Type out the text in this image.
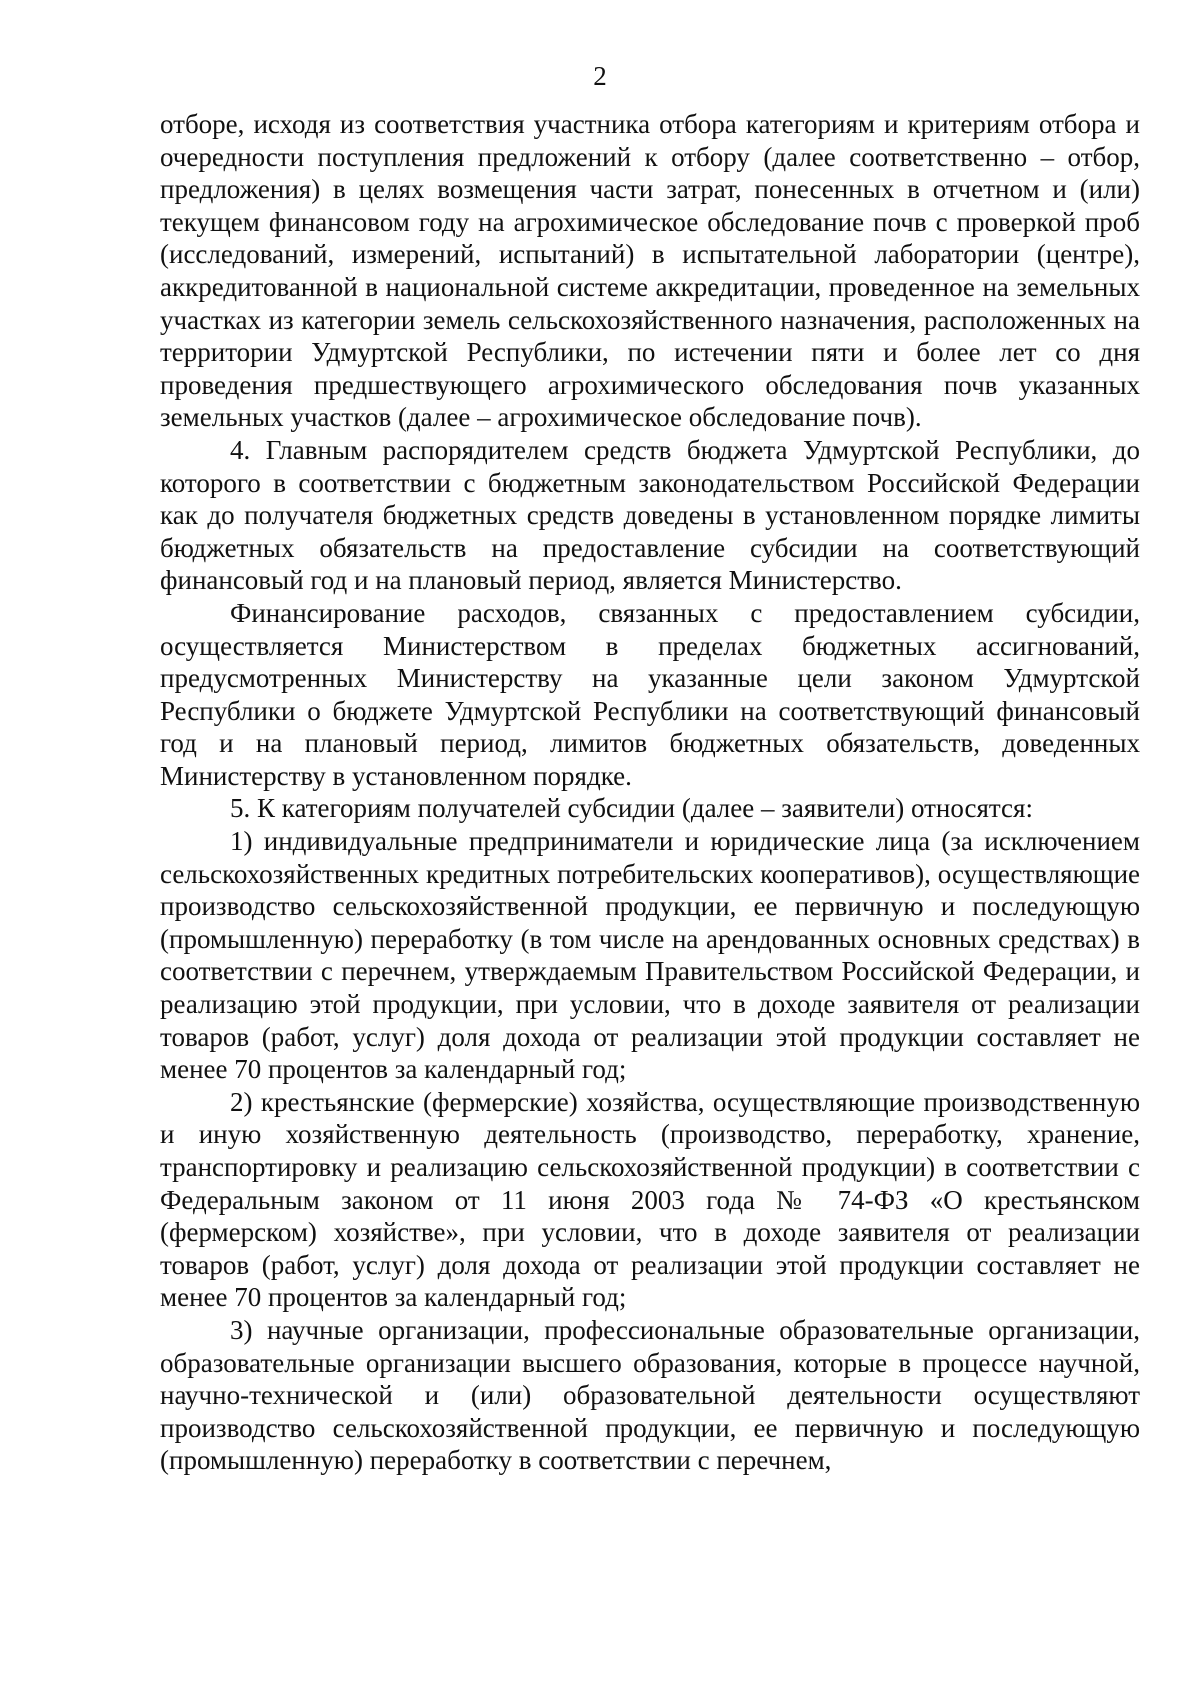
2

отборе, исходя из соответствия участника отбора категориям и критериям отбора и очередности поступления предложений к отбору (далее соответственно – отбор, предложения) в целях возмещения части затрат, понесенных в отчетном и (или) текущем финансовом году на агрохимическое обследование почв с проверкой проб (исследований, измерений, испытаний) в испытательной лаборатории (центре), аккредитованной в национальной системе аккредитации, проведенное на земельных участках из категории земель сельскохозяйственного назначения, расположенных на территории Удмуртской Республики, по истечении пяти и более лет со дня проведения предшествующего агрохимического обследования почв указанных земельных участков (далее – агрохимическое обследование почв).

4. Главным распорядителем средств бюджета Удмуртской Республики, до которого в соответствии с бюджетным законодательством Российской Федерации как до получателя бюджетных средств доведены в установленном порядке лимиты бюджетных обязательств на предоставление субсидии на соответствующий финансовый год и на плановый период, является Министерство.

Финансирование расходов, связанных с предоставлением субсидии, осуществляется Министерством в пределах бюджетных ассигнований, предусмотренных Министерству на указанные цели законом Удмуртской Республики о бюджете Удмуртской Республики на соответствующий финансовый год и на плановый период, лимитов бюджетных обязательств, доведенных Министерству в установленном порядке.

5. К категориям получателей субсидии (далее – заявители) относятся:

1) индивидуальные предприниматели и юридические лица (за исключением сельскохозяйственных кредитных потребительских кооперативов), осуществляющие производство сельскохозяйственной продукции, ее первичную и последующую (промышленную) переработку (в том числе на арендованных основных средствах) в соответствии с перечнем, утверждаемым Правительством Российской Федерации, и реализацию этой продукции, при условии, что в доходе заявителя от реализации товаров (работ, услуг) доля дохода от реализации этой продукции составляет не менее 70 процентов за календарный год;

2) крестьянские (фермерские) хозяйства, осуществляющие производственную и иную хозяйственную деятельность (производство, переработку, хранение, транспортировку и реализацию сельскохозяйственной продукции) в соответствии с Федеральным законом от 11 июня 2003 года № 74-ФЗ «О крестьянском (фермерском) хозяйстве», при условии, что в доходе заявителя от реализации товаров (работ, услуг) доля дохода от реализации этой продукции составляет не менее 70 процентов за календарный год;

3) научные организации, профессиональные образовательные организации, образовательные организации высшего образования, которые в процессе научной, научно-технической и (или) образовательной деятельности осуществляют производство сельскохозяйственной продукции, ее первичную и последующую (промышленную) переработку в соответствии с перечнем,
